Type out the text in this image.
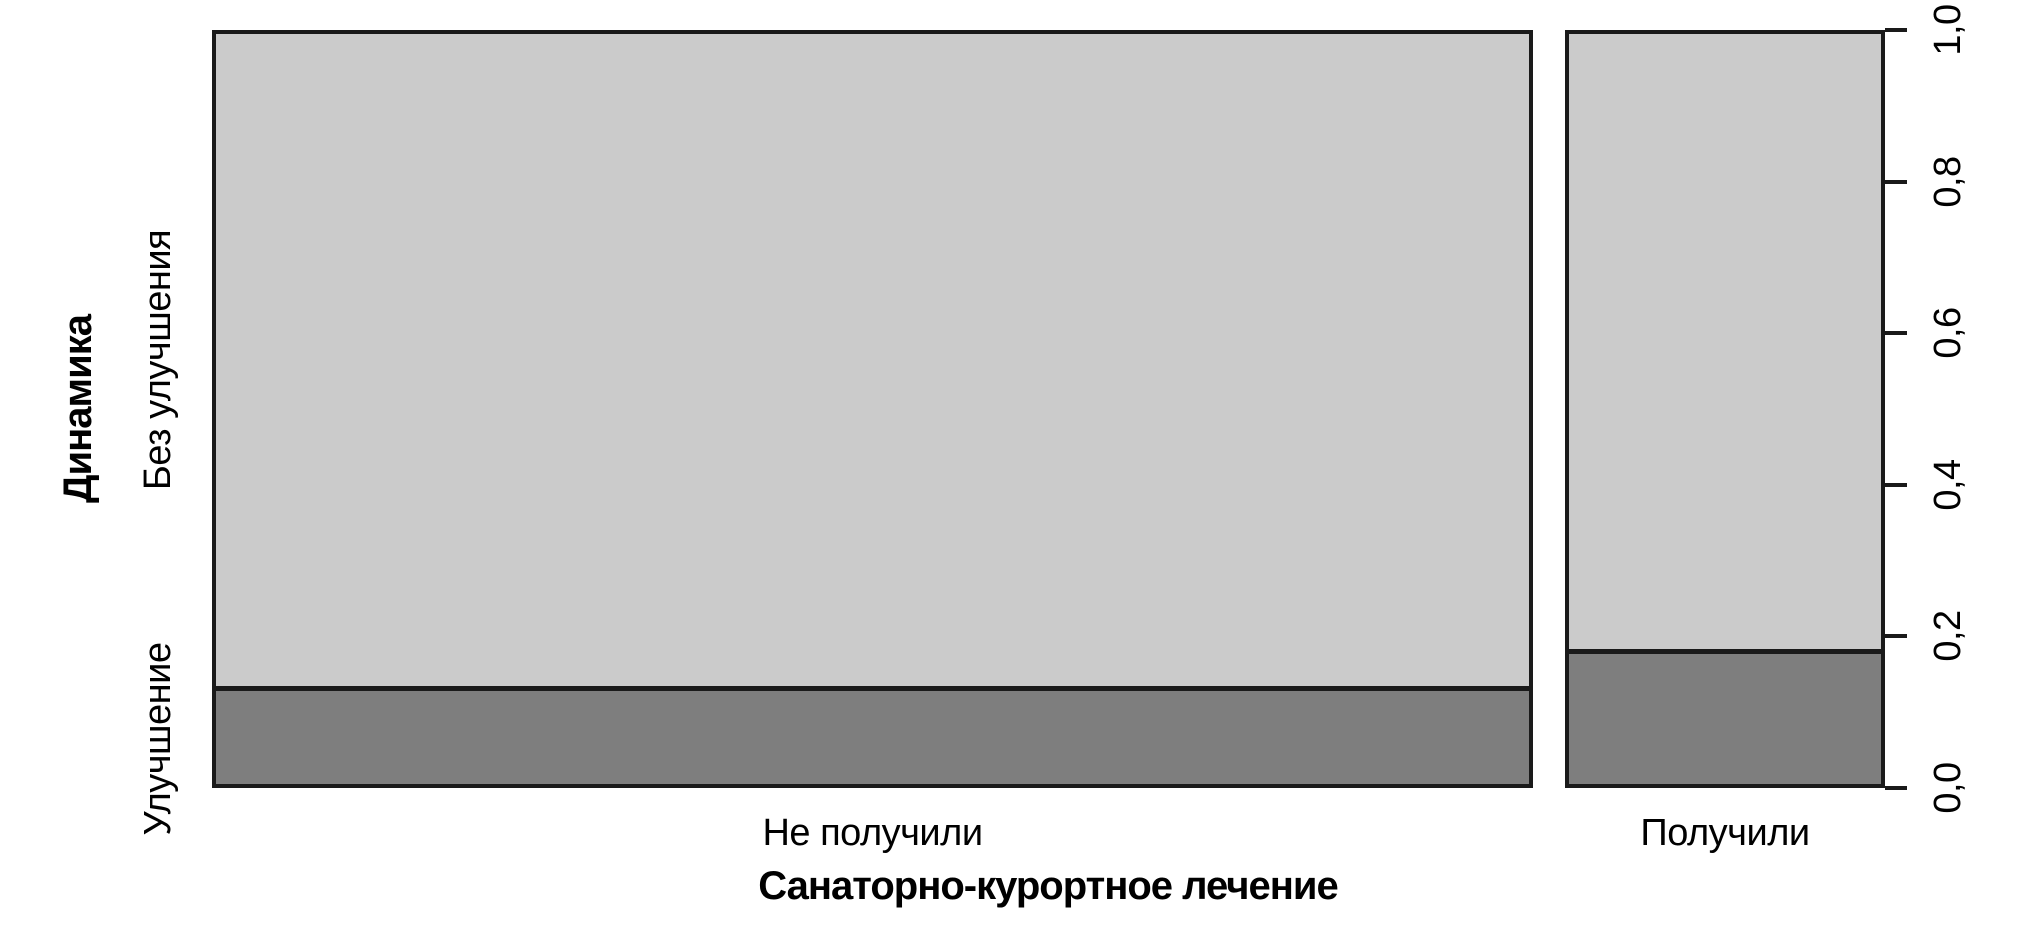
Санаторно-курортное лечение
Динамика
Не получили	Получили
0,0
0,2
0,4
0,6
0,8
1,0
Улучшение
Без улучшения
